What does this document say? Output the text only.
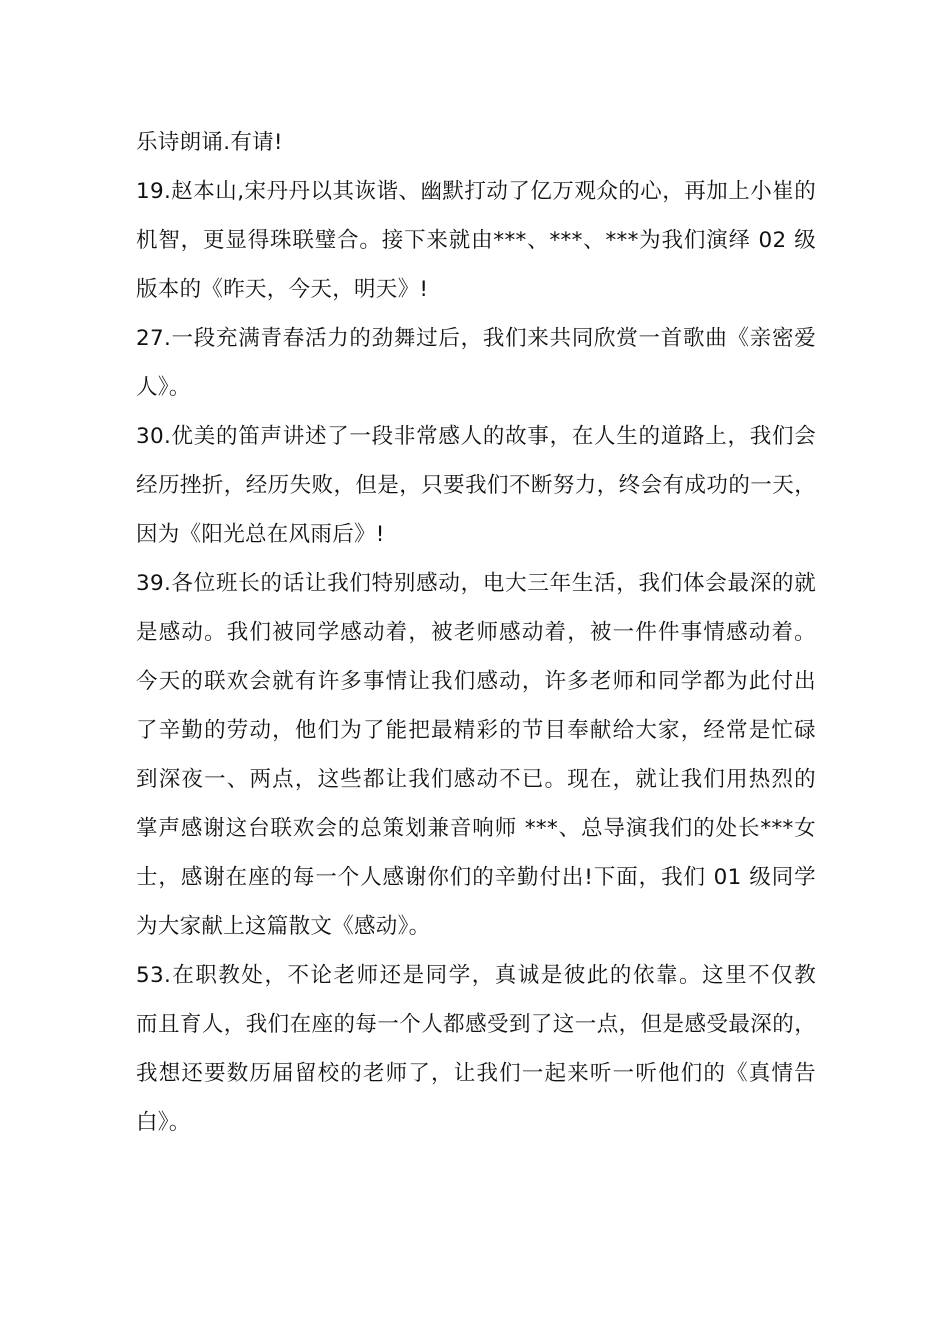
乐诗朗诵.有请!
19.赵本山,宋丹丹以其诙谐、幽默打动了亿万观众的心，再加上小崔的
机智，更显得珠联璧合。接下来就由***、***、***为我们演绎 02 级
版本的《昨天，今天，明天》!
27.一段充满青春活力的劲舞过后，我们来共同欣赏一首歌曲《亲密爱
人》。
30.优美的笛声讲述了一段非常感人的故事，在人生的道路上，我们会
经历挫折，经历失败，但是，只要我们不断努力，终会有成功的一天，
因为《阳光总在风雨后》!
39.各位班长的话让我们特别感动，电大三年生活，我们体会最深的就
是感动。我们被同学感动着，被老师感动着，被一件件事情感动着。
今天的联欢会就有许多事情让我们感动，许多老师和同学都为此付出
了辛勤的劳动，他们为了能把最精彩的节目奉献给大家，经常是忙碌
到深夜一、两点，这些都让我们感动不已。现在，就让我们用热烈的
掌声感谢这台联欢会的总策划兼音响师 ***、总导演我们的处长***女
士，感谢在座的每一个人感谢你们的辛勤付出!下面，我们 01 级同学
为大家献上这篇散文《感动》。
53.在职教处，不论老师还是同学，真诚是彼此的依靠。这里不仅教
而且育人，我们在座的每一个人都感受到了这一点，但是感受最深的，
我想还要数历届留校的老师了，让我们一起来听一听他们的《真情告
白》。
